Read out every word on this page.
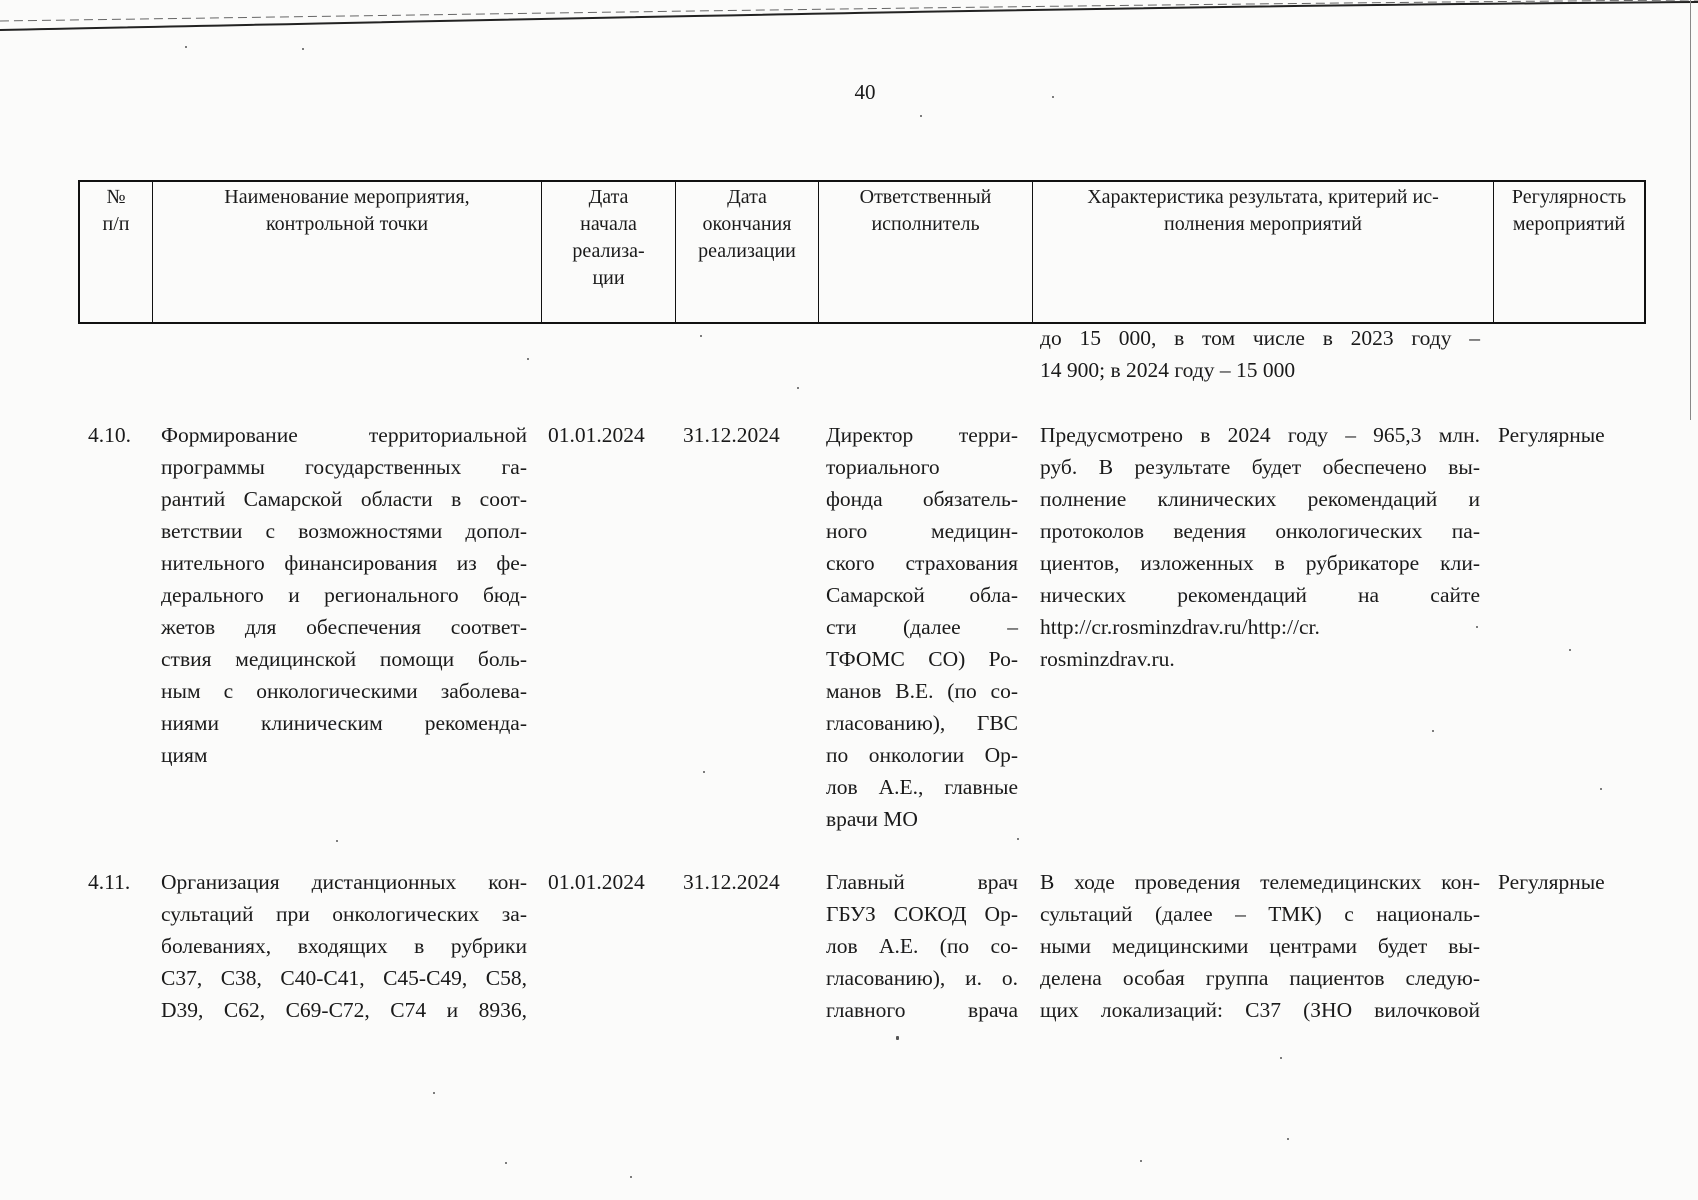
40
№
п/п
Наименование мероприятия,
контрольной точки
Дата
начала
реализа-
ции
Дата
окончания
реализации
Ответственный
исполнитель
Характеристика результата, критерий ис-
полнения мероприятий
Регулярность
мероприятий
до 15 000, в том числе в 2023 году –
14 900; в 2024 году – 15 000
4.10. Формирование территориальной
программы государственных га-
рантий Самарской области в соот-
ветствии с возможностями допол-
нительного финансирования из фе-
дерального и регионального бюд-
жетов для обеспечения соответ-
ствия медицинской помощи боль-
ным с онкологическими заболева-
ниями клиническим рекоменда-
циям
01.01.2024 31.12.2024 Директор терри-
ториального
фонда обязатель-
ного медицин-
ского страхования
Самарской обла-
сти (далее –
ТФОМС СО) Ро-
манов В.Е. (по со-
гласованию), ГВС
по онкологии Ор-
лов А.Е., главные
врачи МО
Предусмотрено в 2024 году – 965,3 млн.
руб. В результате будет обеспечено вы-
полнение клинических рекомендаций и
протоколов ведения онкологических па-
циентов, изложенных в рубрикаторе кли-
нических рекомендаций на сайте
http://cr.rosminzdrav.ru/http://cr.
rosminzdrav.ru.
Регулярные
4.11. Организация дистанционных кон-
сультаций при онкологических за-
болеваниях, входящих в рубрики
С37, С38, С40-С41, С45-С49, С58,
D39, С62, С69-С72, С74 и 8936,
01.01.2024 31.12.2024 Главный врач
ГБУЗ СОКОД Ор-
лов А.Е. (по со-
гласованию), и. о.
главного врача
В ходе проведения телемедицинских кон-
сультаций (далее – ТМК) с националь-
ными медицинскими центрами будет вы-
делена особая группа пациентов следую-
щих локализаций: С37 (ЗНО вилочковой
Регулярные
